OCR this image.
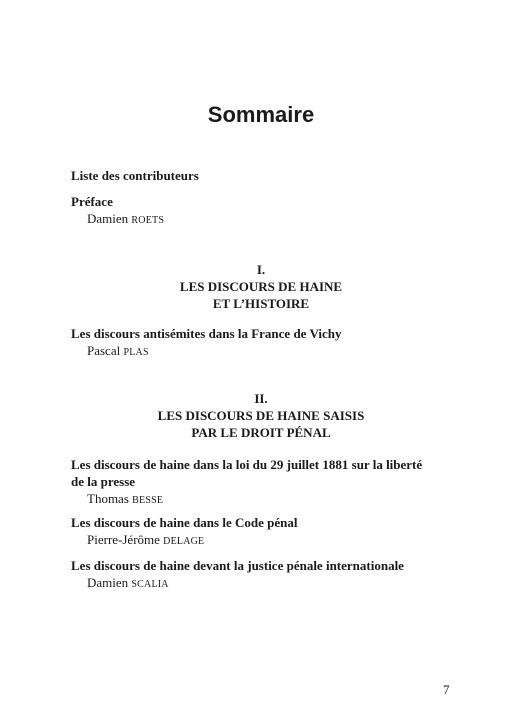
Sommaire
Liste des contributeurs
Préface
Damien ROETS
I.
LES DISCOURS DE HAINE
ET L’HISTOIRE
Les discours antisémites dans la France de Vichy
Pascal PLAS
II.
LES DISCOURS DE HAINE SAISIS
PAR LE DROIT PÉNAL
Les discours de haine dans la loi du 29 juillet 1881 sur la liberté
de la presse
Thomas BESSE
Les discours de haine dans le Code pénal
Pierre-Jérôme DELAGE
Les discours de haine devant la justice pénale internationale
Damien SCALIA
7
